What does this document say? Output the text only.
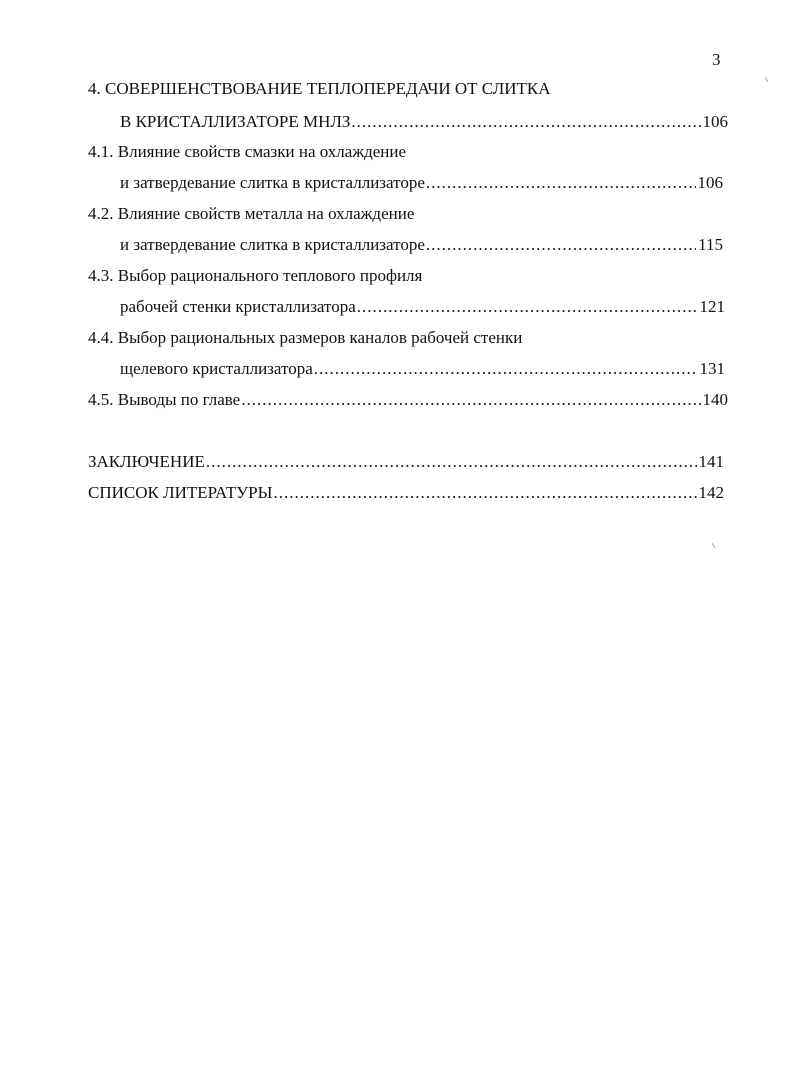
3
4. СОВЕРШЕНСТВОВАНИЕ ТЕПЛОПЕРЕДАЧИ ОТ СЛИТКА
В КРИСТАЛЛИЗАТОРЕ МНЛЗ .....	106
4.1. Влияние свойств смазки на охлаждение
и затвердевание слитка в кристаллизаторе .....	106
4.2. Влияние свойств металла на охлаждение
и затвердевание слитка в кристаллизаторе .....	115
4.3. Выбор рационального теплового профиля
рабочей стенки кристаллизатора .....	121
4.4. Выбор рациональных размеров каналов рабочей стенки
щелевого кристаллизатора .....	131
4.5. Выводы по главе .....	140
ЗАКЛЮЧЕНИЕ .....	141
СПИСОК ЛИТЕРАТУРЫ .....	142
